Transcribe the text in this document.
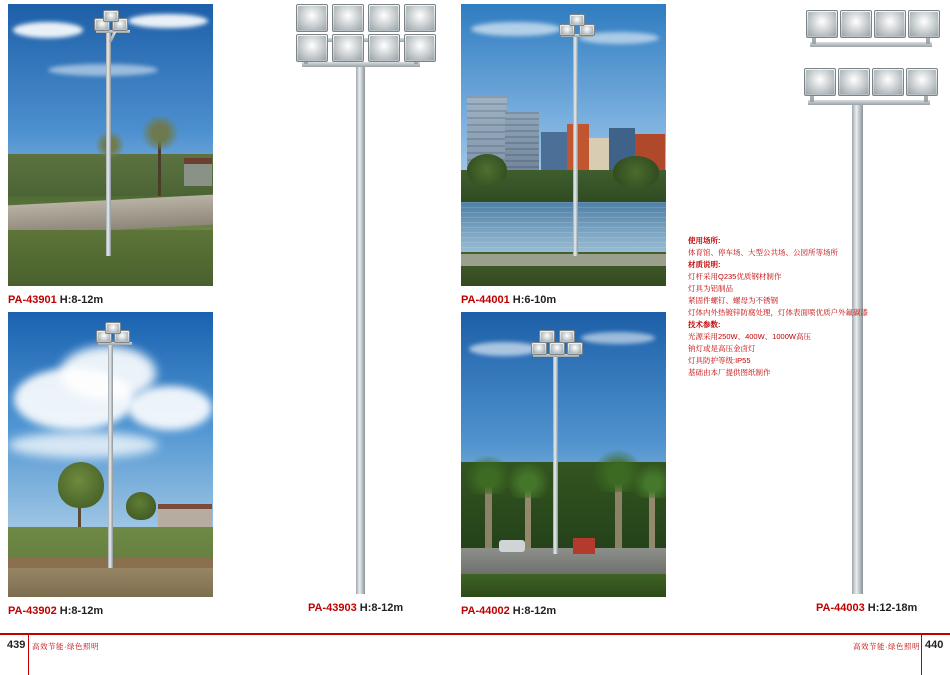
PA-43901 H:8-12m
PA-43902 H:8-12m	PA-43903 H:8-12m
PA-44001 H:6-10m
PA-44002 H:8-12m	PA-44003 H:12-18m
使用场所:
体育馆、停车场、大型公共场、公园所等场所
材质说明:
灯杆采用Q235优质钢材制作
灯具为铝制品
紧固件螺钉、螺母为不锈钢
灯体内外热镀锌防腐处理，灯体表面喷优质户外氟碳漆
技术参数:
光源采用250W、400W、1000W高压
钠灯或是高压金卤灯
灯具防护等级:IP55
基础由本厂提供图纸制作
439 高效节能·绿色照明	高效节能·绿色照明 440
